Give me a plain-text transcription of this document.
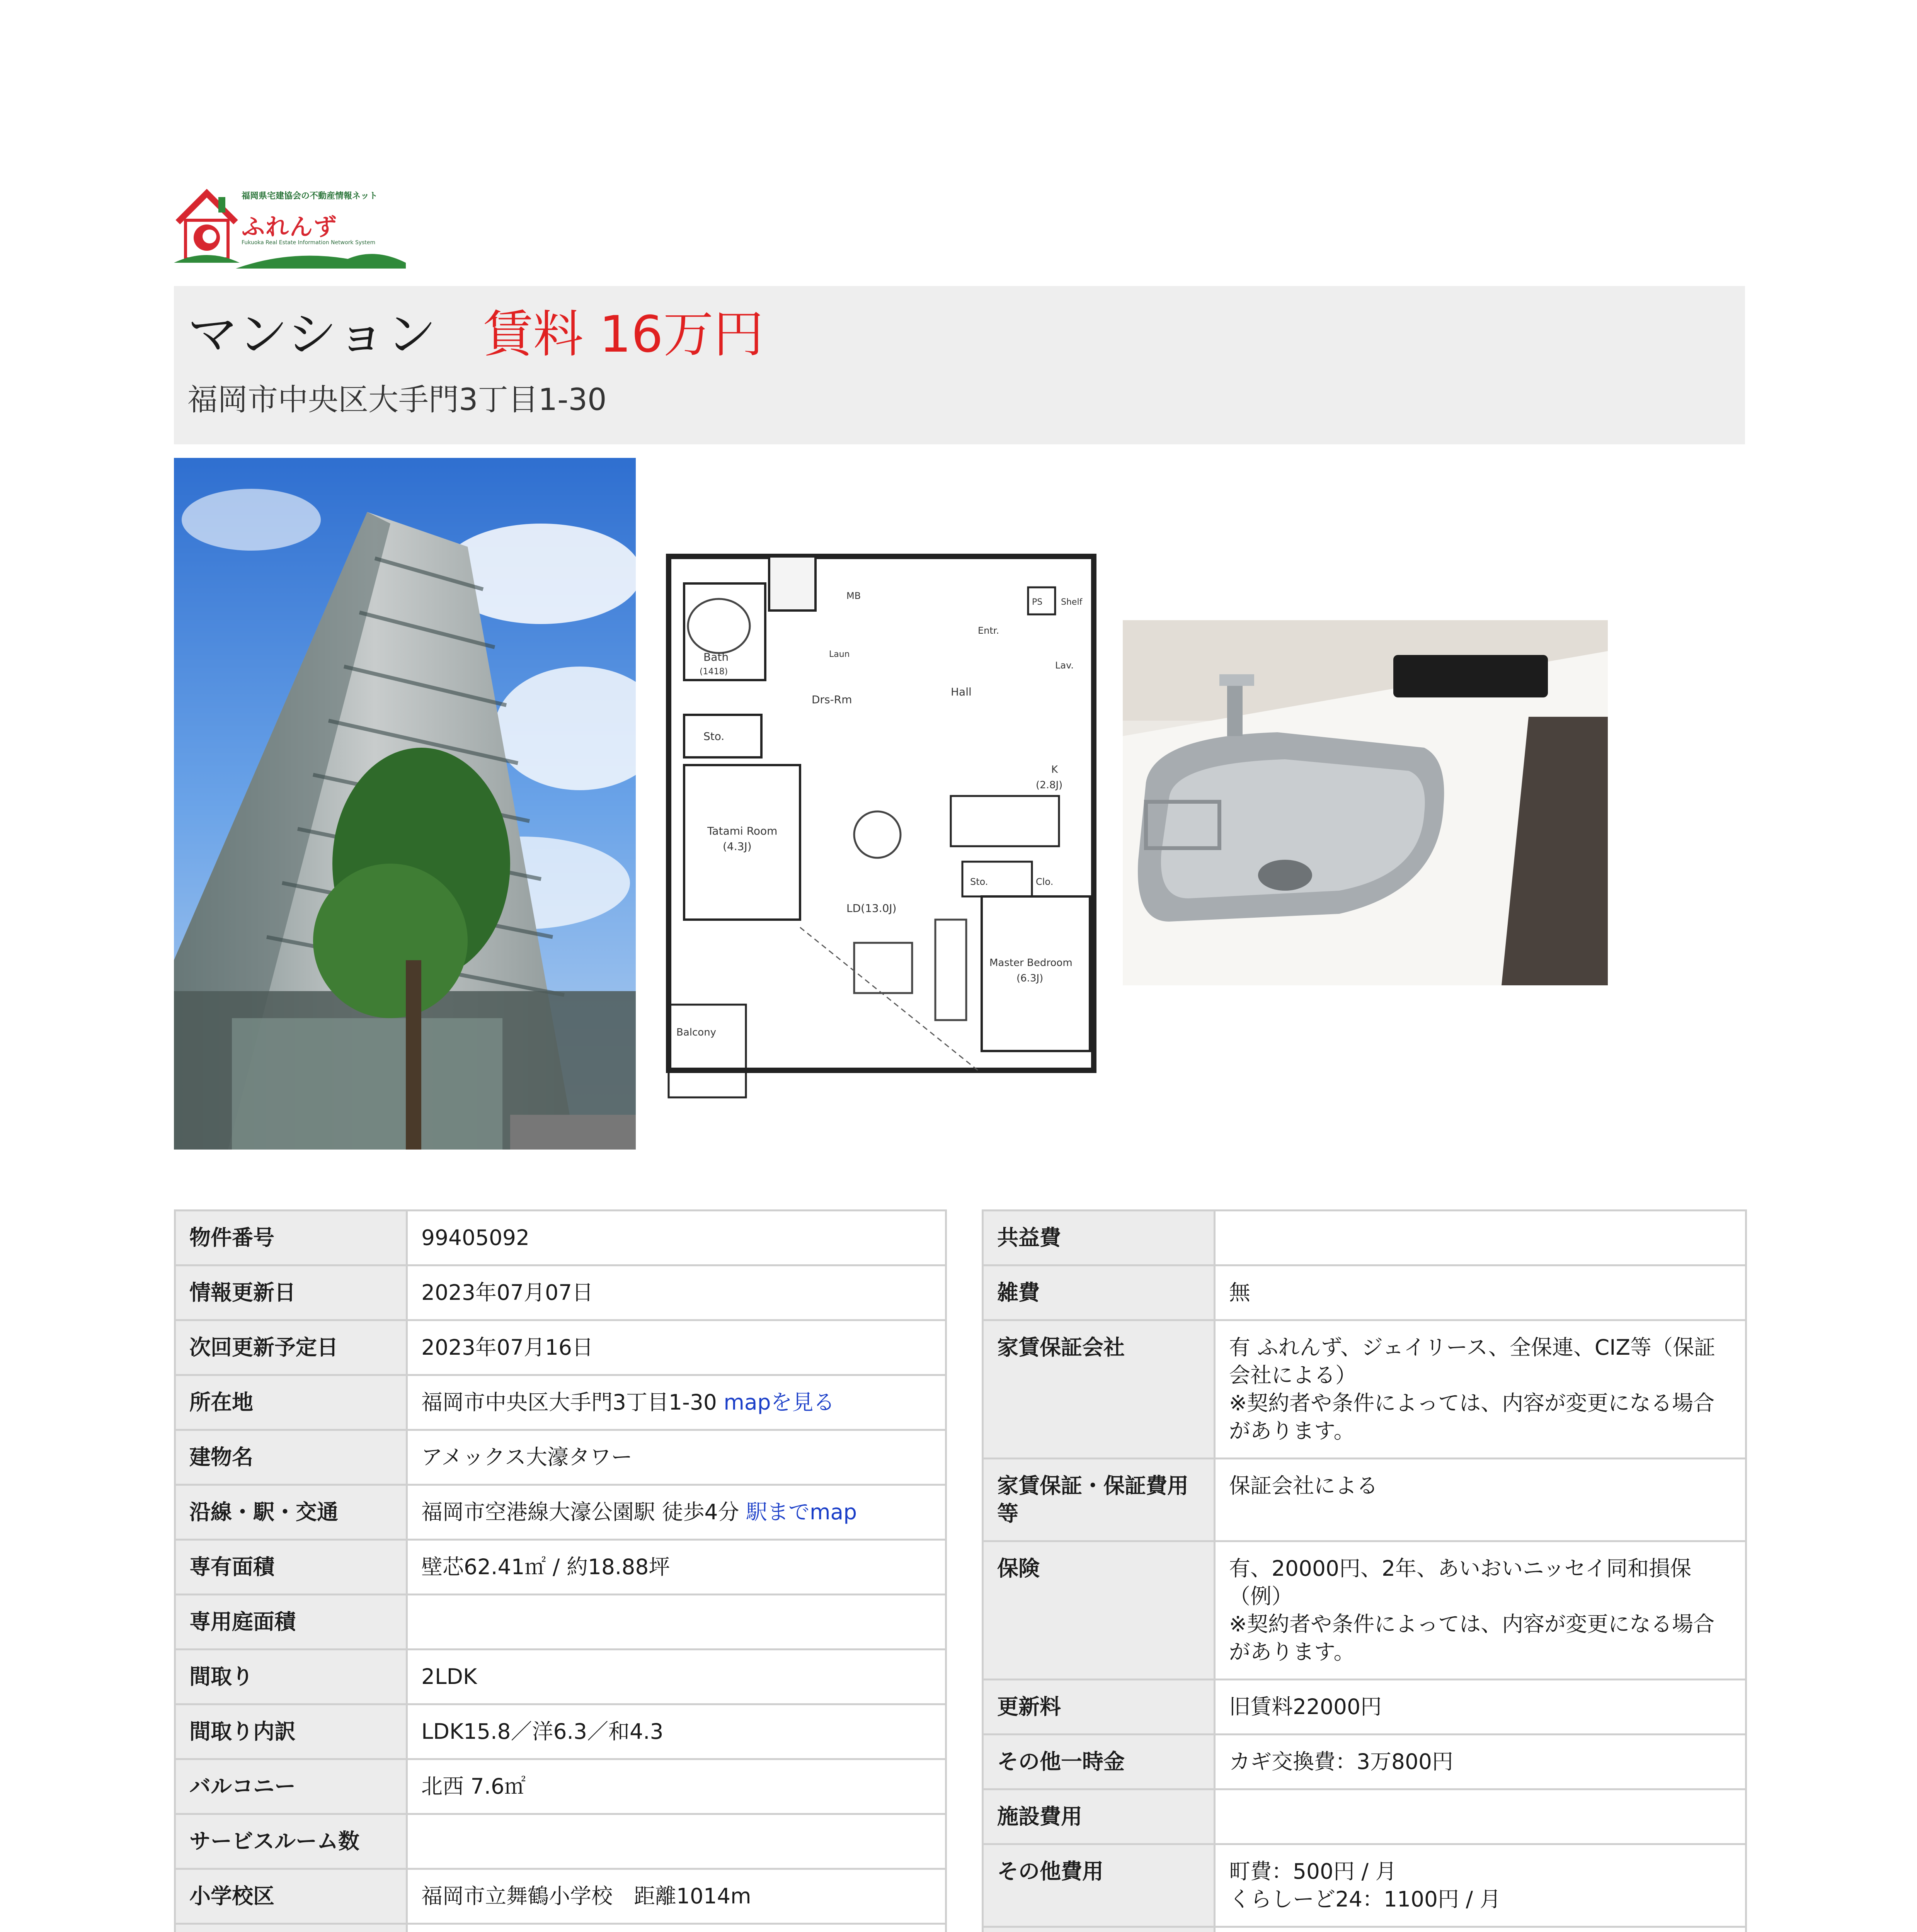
福岡県宅建協会の不動産情報ネット
ふれんず
Fukuoka Real Estate Information Network System
マンション 賃料 16万円
福岡市中央区大手門3丁目1-30
Bath
(1418)
MB
PS Shelf
Laun
Entr.
Lav.
Drs-Rm
Hall
Sto.
Tatami Room
(4.3J)
K
(2.8J)
Sto.	Clo.
LD(13.0J)
Master Bedroom
(6.3J)
Balcony
物件番号	99405092
情報更新日	2023年07月07日
次回更新予定日	2023年07月16日
所在地	福岡市中央区大手門3丁目1-30 mapを見る
建物名	アメックス大濠タワー
沿線・駅・交通	福岡市空港線大濠公園駅 徒歩4分 駅までmap
専有面積	壁芯62.41㎡ / 約18.88坪
専用庭面積	
間取り	2LDK
間取り内訳	LDK15.8／洋6.3／和4.3
バルコニー	北西 7.6㎡
サービスルーム数	
小学校区	福岡市立舞鶴小学校　距離1014m

共益費	
雑費	無
家賃保証会社	有 ふれんず、ジェイリース、全保連、CIZ等（保証会社による）
※契約者や条件によっては、内容が変更になる場合があります。

家賃保証・保証費用等	保証会社による
保険	有、20000円、2年、あいおいニッセイ同和損保（例）
※契約者や条件によっては、内容が変更になる場合があります。

更新料	旧賃料22000円
その他一時金	カギ交換費：3万800円
施設費用	
その他費用	町費：500円 / 月
くらしーど24：1100円 / 月
